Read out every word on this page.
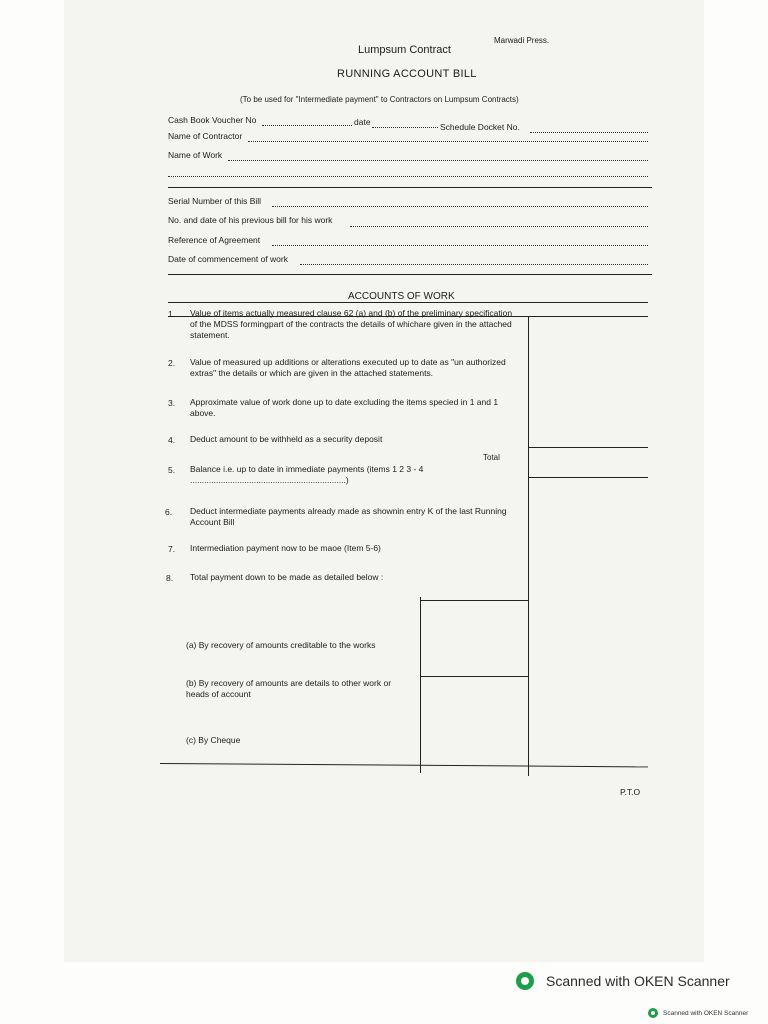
Marwadi Press.
Lumpsum Contract
RUNNING ACCOUNT BILL
(To be used for "Intermediate payment" to Contractors on Lumpsum Contracts)
Cash Book Voucher No	date	Schedule Docket No.
Name of Contractor
Name of Work
Serial Number of this Bill
No. and date of his previous bill for his work
Reference of Agreement
Date of commencement of work
ACCOUNTS OF WORK
1. Value of items actually measured clause 62 (a) and (b) of the preliminary specification of the MDSS formingpart of the contracts the details of whichare given in the attached statement.
2. Value of measured up additions or alterations executed up to date as "un authorized extras" the details or which are given in the attached statements.
3. Approximate value of work done up to date excluding the items specied in 1 and 1 above.
4. Deduct amount to be withheld as a security deposit
Total
5. Balance i.e. up to date in immediate payments (items 1 2 3 - 4 ..................................................................)
6. Deduct intermediate payments already made as shownin entry K of the last Running Account Bill
7. Intermediation payment now to be maoe (Item 5-6)
8. Total payment down to be made as detailed below :
(a) By recovery of amounts creditable to the works
(b) By recovery of amounts are details to other work or heads of account
(c) By Cheque
P.T.O
Scanned with OKEN Scanner
Scanned with OKEN Scanner
